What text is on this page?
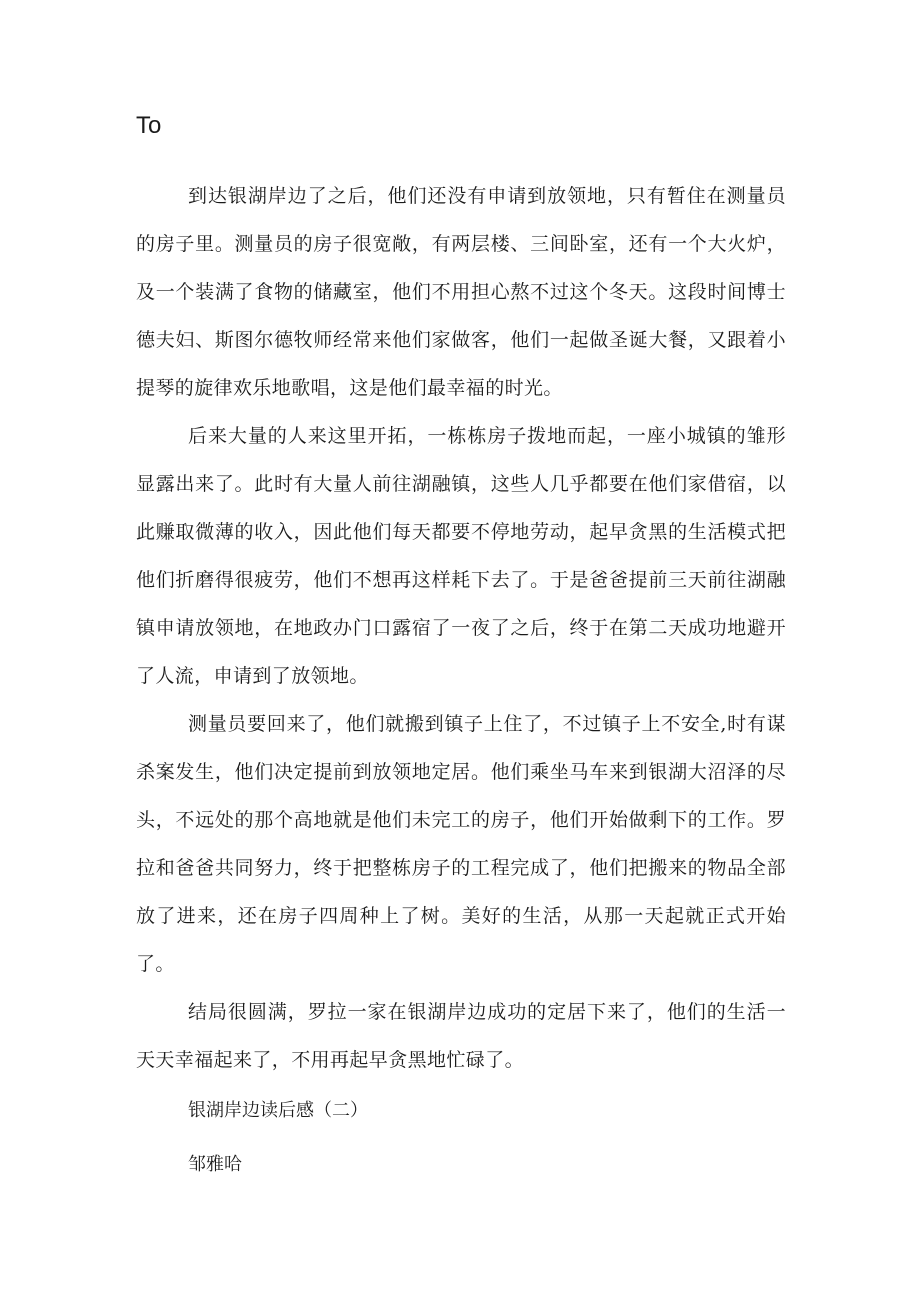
To

到达银湖岸边了之后，他们还没有申请到放领地，只有暂住在测量员的房子里。测量员的房子很宽敞，有两层楼、三间卧室，还有一个大火炉，及一个装满了食物的储藏室，他们不用担心熬不过这个冬天。这段时间博士德夫妇、斯图尔德牧师经常来他们家做客，他们一起做圣诞大餐，又跟着小提琴的旋律欢乐地歌唱，这是他们最幸福的时光。

后来大量的人来这里开拓，一栋栋房子拨地而起，一座小城镇的雏形显露出来了。此时有大量人前往湖融镇，这些人几乎都要在他们家借宿，以此赚取微薄的收入，因此他们每天都要不停地劳动，起早贪黑的生活模式把他们折磨得很疲劳，他们不想再这样耗下去了。于是爸爸提前三天前往湖融镇申请放领地，在地政办门口露宿了一夜了之后，终于在第二天成功地避开了人流，申请到了放领地。

测量员要回来了，他们就搬到镇子上住了，不过镇子上不安全,时有谋杀案发生，他们决定提前到放领地定居。他们乘坐马车来到银湖大沼泽的尽头，不远处的那个高地就是他们未完工的房子，他们开始做剩下的工作。罗拉和爸爸共同努力，终于把整栋房子的工程完成了，他们把搬来的物品全部放了进来，还在房子四周种上了树。美好的生活，从那一天起就正式开始了。

结局很圆满，罗拉一家在银湖岸边成功的定居下来了，他们的生活一天天幸福起来了，不用再起早贪黑地忙碌了。

银湖岸边读后感（二）

邹雅哈
